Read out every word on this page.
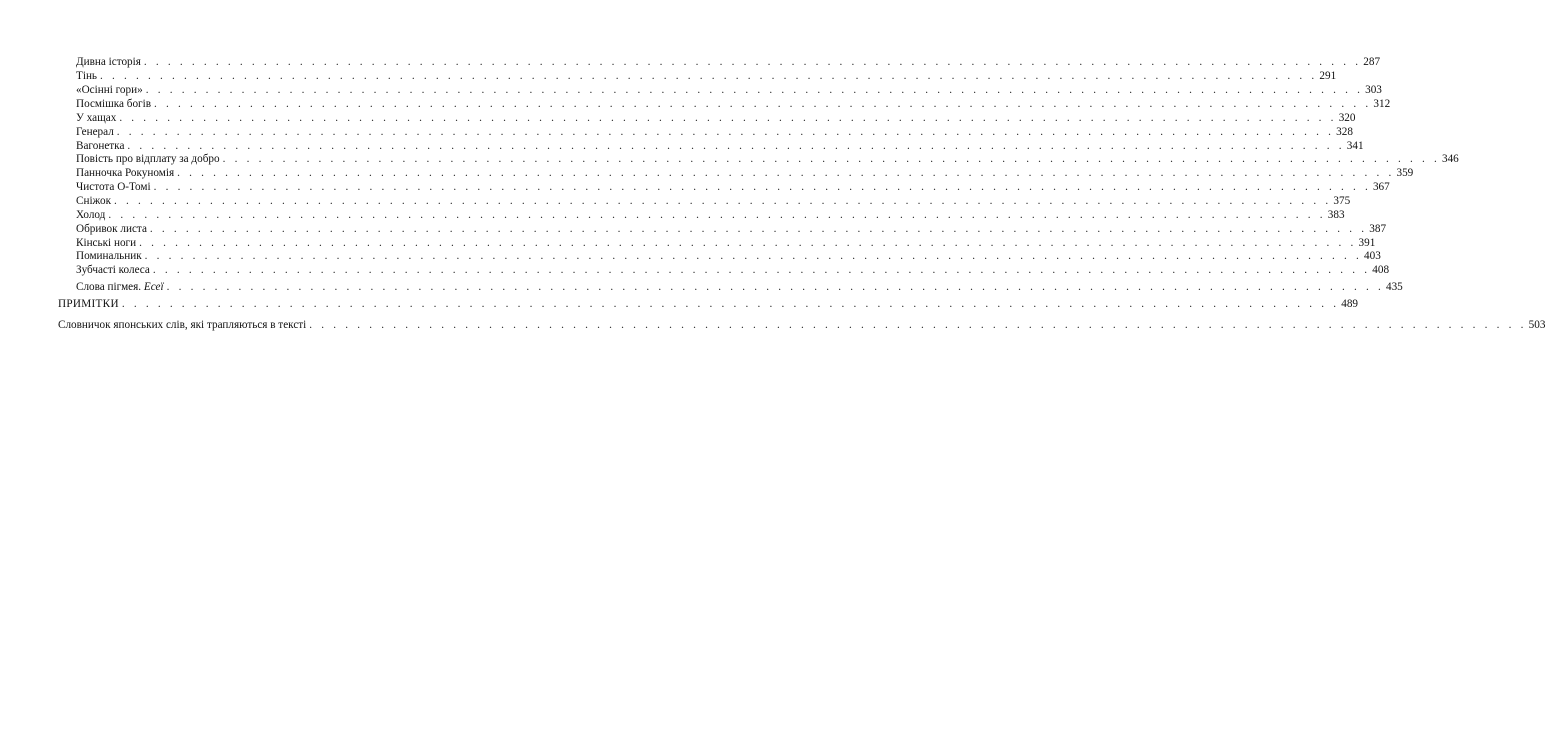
Дивна історія . . . . . . . . . . . . . . . . . . . . . . . . . . . . . . . . . . . . . . . . . . . . . . . . . . . . . . . . . . . . . . . . . . . . . . . . . . . . . . . . . . . . . . . . . . . . . . . . . . . . . . 287
Тінь . . . . . . . . . . . . . . . . . . . . . . . . . . . . . . . . . . . . . . . . . . . . . . . . . . . . . . . . . . . . . . . . . . . . . . . . . . . . . . . . . . . . . . . . . . . . . . . . . . . . . . 291
«Осінні гори» . . . . . . . . . . . . . . . . . . . . . . . . . . . . . . . . . . . . . . . . . . . . . . . . . . . . . . . . . . . . . . . . . . . . . . . . . . . . . . . . . . . . . . . . . . . . . . . . . . . . . . 303
Посмішка богів . . . . . . . . . . . . . . . . . . . . . . . . . . . . . . . . . . . . . . . . . . . . . . . . . . . . . . . . . . . . . . . . . . . . . . . . . . . . . . . . . . . . . . . . . . . . . . . . . . . . . . 312
У хащах . . . . . . . . . . . . . . . . . . . . . . . . . . . . . . . . . . . . . . . . . . . . . . . . . . . . . . . . . . . . . . . . . . . . . . . . . . . . . . . . . . . . . . . . . . . . . . . . . . . . . . 320
Генерал . . . . . . . . . . . . . . . . . . . . . . . . . . . . . . . . . . . . . . . . . . . . . . . . . . . . . . . . . . . . . . . . . . . . . . . . . . . . . . . . . . . . . . . . . . . . . . . . . . . . . . 328
Вагонетка . . . . . . . . . . . . . . . . . . . . . . . . . . . . . . . . . . . . . . . . . . . . . . . . . . . . . . . . . . . . . . . . . . . . . . . . . . . . . . . . . . . . . . . . . . . . . . . . . . . . . . 341
Повість про відплату за добро . . . . . . . . . . . . . . . . . . . . . . . . . . . . . . . . . . . . . . . . . . . . . . . . . . . . . . . . . . . . . . . . . . . . . . . . . . . . . . . . . . . . . . . . . . . . . . . . . . . . . . 346
Панночка Рокуномія . . . . . . . . . . . . . . . . . . . . . . . . . . . . . . . . . . . . . . . . . . . . . . . . . . . . . . . . . . . . . . . . . . . . . . . . . . . . . . . . . . . . . . . . . . . . . . . . . . . . . . 359
Чистота О-Томі . . . . . . . . . . . . . . . . . . . . . . . . . . . . . . . . . . . . . . . . . . . . . . . . . . . . . . . . . . . . . . . . . . . . . . . . . . . . . . . . . . . . . . . . . . . . . . . . . . . . . . 367
Сніжок . . . . . . . . . . . . . . . . . . . . . . . . . . . . . . . . . . . . . . . . . . . . . . . . . . . . . . . . . . . . . . . . . . . . . . . . . . . . . . . . . . . . . . . . . . . . . . . . . . . . . . 375
Холод . . . . . . . . . . . . . . . . . . . . . . . . . . . . . . . . . . . . . . . . . . . . . . . . . . . . . . . . . . . . . . . . . . . . . . . . . . . . . . . . . . . . . . . . . . . . . . . . . . . . . . 383
Обривок листа . . . . . . . . . . . . . . . . . . . . . . . . . . . . . . . . . . . . . . . . . . . . . . . . . . . . . . . . . . . . . . . . . . . . . . . . . . . . . . . . . . . . . . . . . . . . . . . . . . . . . . 387
Кінські ноги . . . . . . . . . . . . . . . . . . . . . . . . . . . . . . . . . . . . . . . . . . . . . . . . . . . . . . . . . . . . . . . . . . . . . . . . . . . . . . . . . . . . . . . . . . . . . . . . . . . . . . 391
Поминальник . . . . . . . . . . . . . . . . . . . . . . . . . . . . . . . . . . . . . . . . . . . . . . . . . . . . . . . . . . . . . . . . . . . . . . . . . . . . . . . . . . . . . . . . . . . . . . . . . . . . . . 403
Зубчасті колеса . . . . . . . . . . . . . . . . . . . . . . . . . . . . . . . . . . . . . . . . . . . . . . . . . . . . . . . . . . . . . . . . . . . . . . . . . . . . . . . . . . . . . . . . . . . . . . . . . . . . . . 408
Слова пігмея. Есеї . . . . . . . . . . . . . . . . . . . . . . . . . . . . . . . . . . . . . . . . . . . . . . . . . . . . . . . . . . . . . . . . . . . . . . . . . . . . . . . . . . . . . . . . . . . . . . . . . . . . . . 435
ПРИМІТКИ . . . . . . . . . . . . . . . . . . . . . . . . . . . . . . . . . . . . . . . . . . . . . . . . . . . . . . . . . . . . . . . . . . . . . . . . . . . . . . . . . . . . . . . . . . . . . . . . . . . . . . 489
Словничок японських слів, які трапляються в тексті . . . . . . . . . . . . . . . . . . . . . . . . . . . . . . . . . . . . . . . . . . . . . . . . . . . . . . . . . . . . . . . . . . . . . . . . . . . . . . . . . . . . . . . . . . . . . . . . . . . . . . 503
